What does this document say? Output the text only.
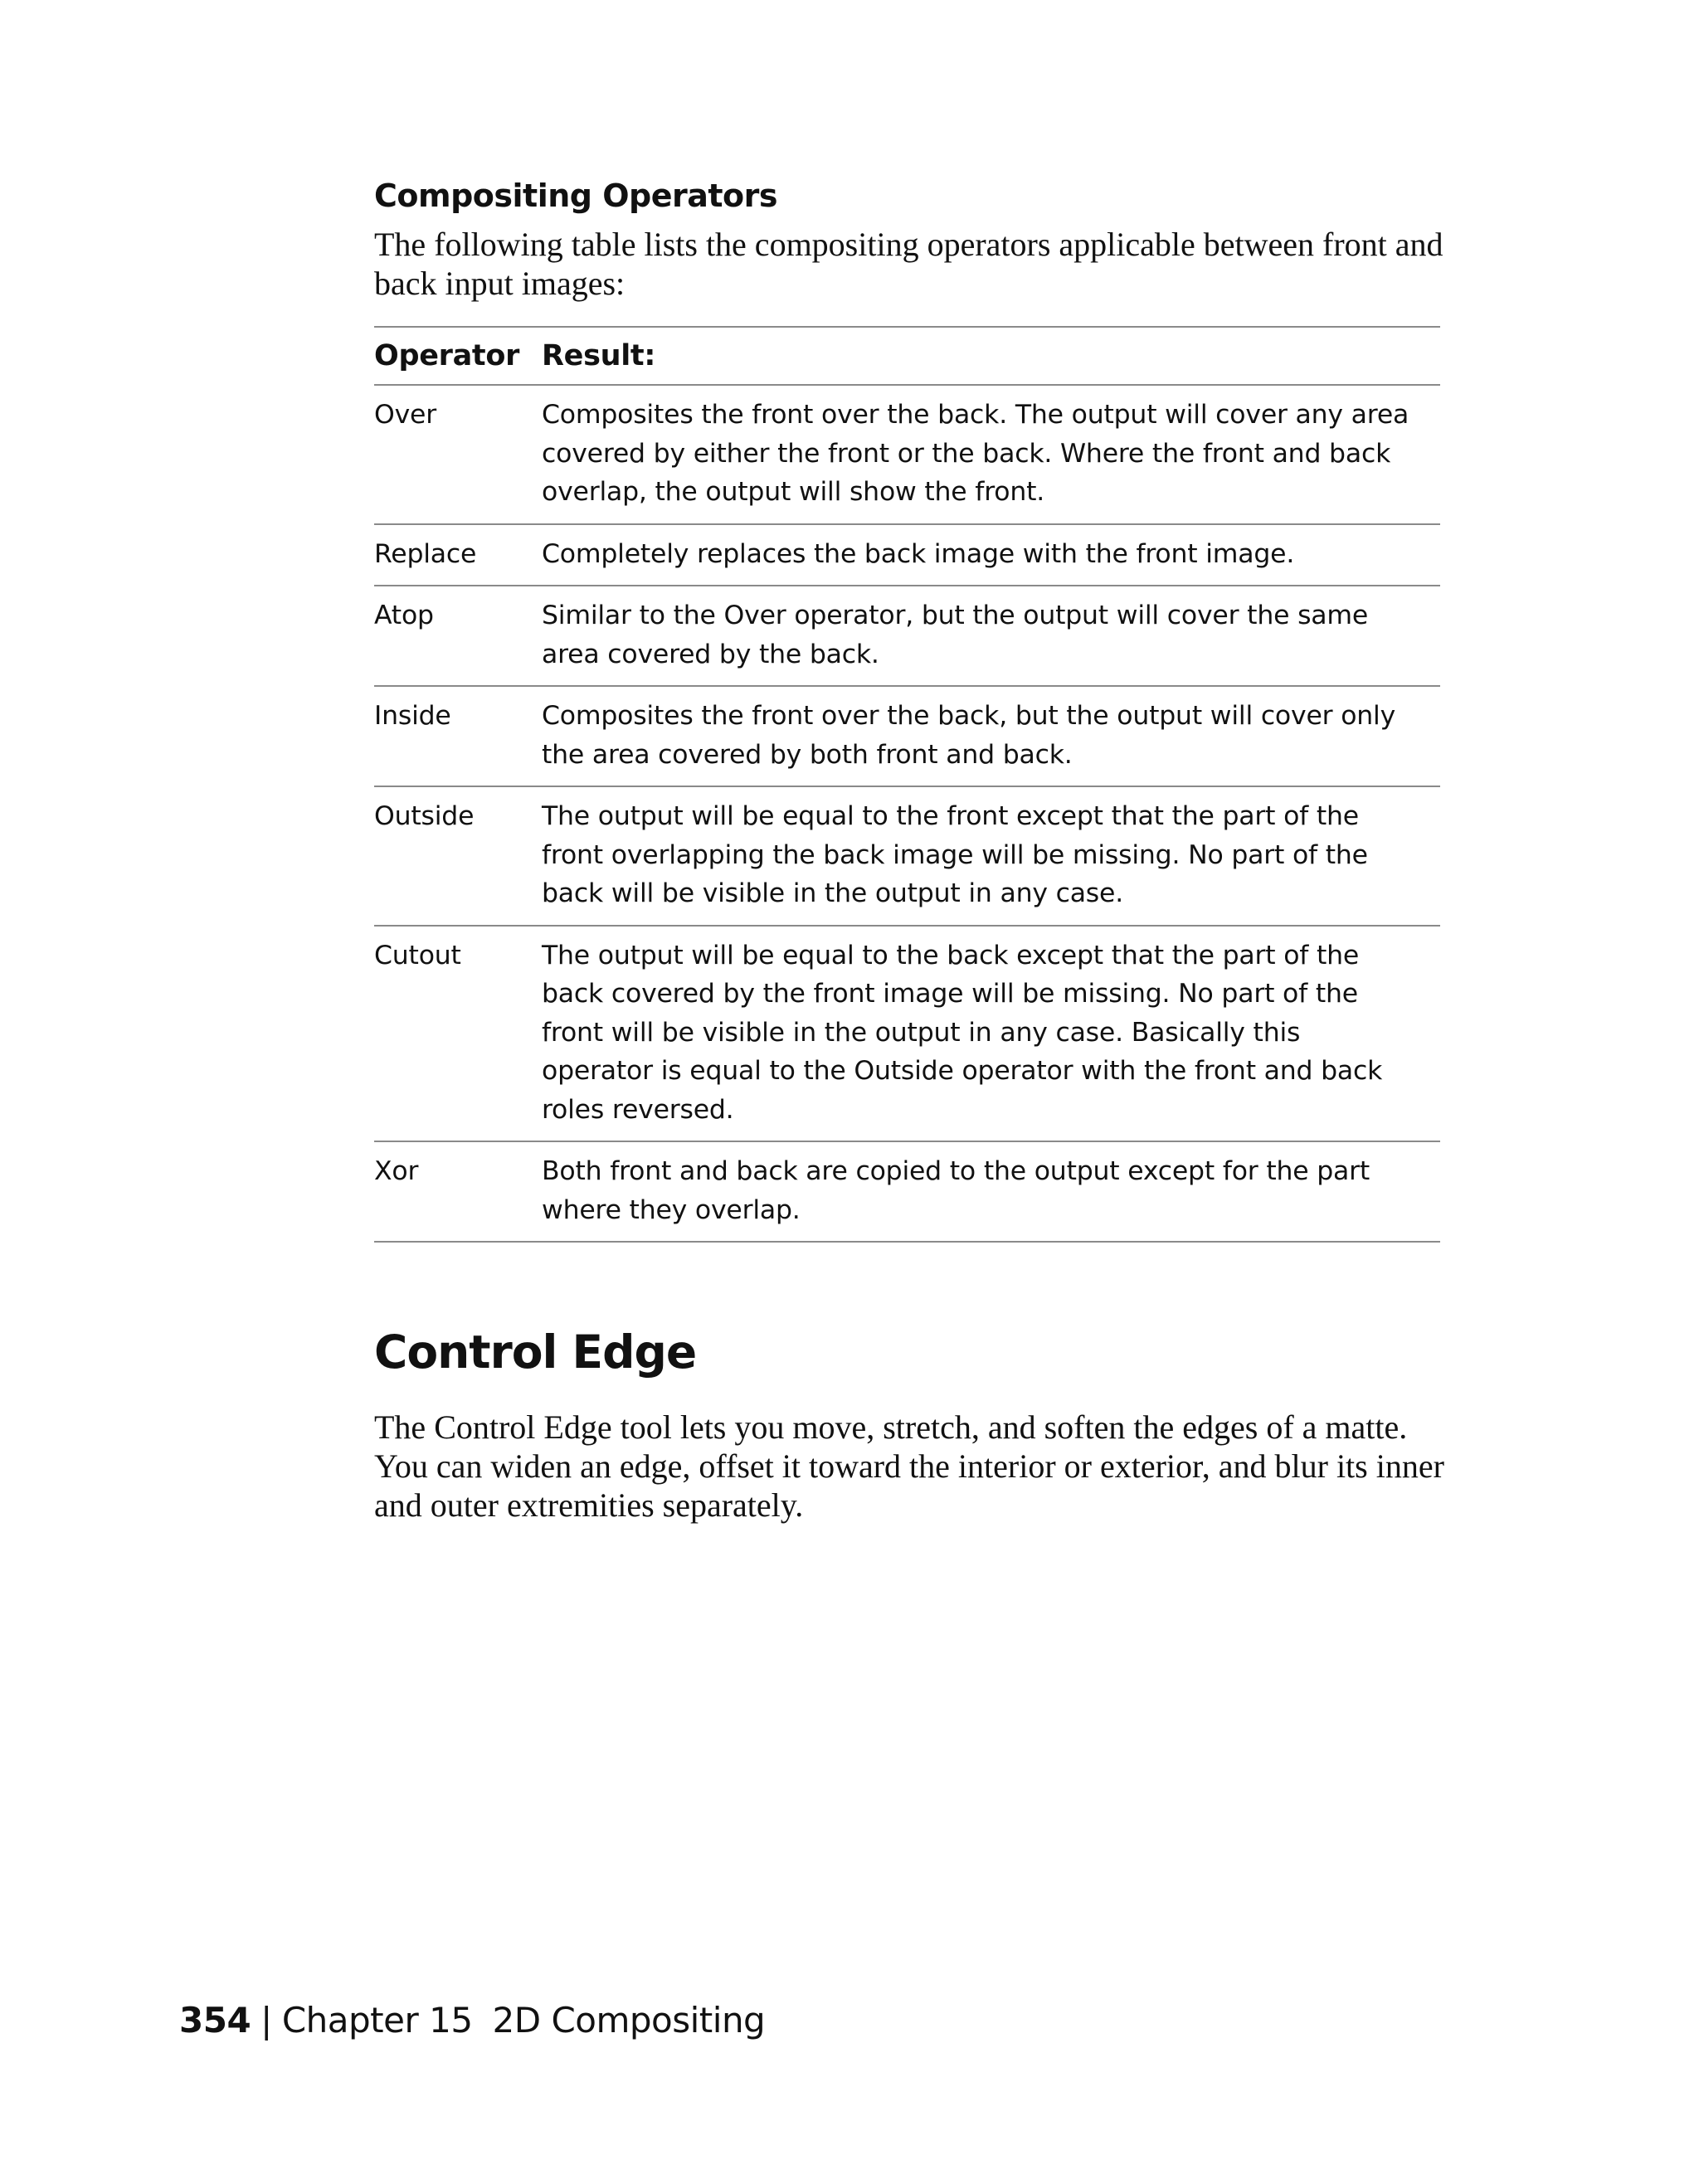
Compositing Operators
The following table lists the compositing operators applicable between front and back input images:
Operator Result:
Over	Composites the front over the back. The output will cover any area covered by either the front or the back. Where the front and back overlap, the output will show the front.
Replace	Completely replaces the back image with the front image.
Atop	Similar to the Over operator, but the output will cover the same area covered by the back.
Inside	Composites the front over the back, but the output will cover only the area covered by both front and back.
Outside	The output will be equal to the front except that the part of the front overlapping the back image will be missing. No part of the back will be visible in the output in any case.
Cutout	The output will be equal to the back except that the part of the back covered by the front image will be missing. No part of the front will be visible in the output in any case. Basically this operator is equal to the Outside operator with the front and back roles reversed.
Xor	Both front and back are copied to the output except for the part where they overlap.
Control Edge
The Control Edge tool lets you move, stretch, and soften the edges of a matte. You can widen an edge, offset it toward the interior or exterior, and blur its inner and outer extremities separately.
354 | Chapter 15 2D Compositing
